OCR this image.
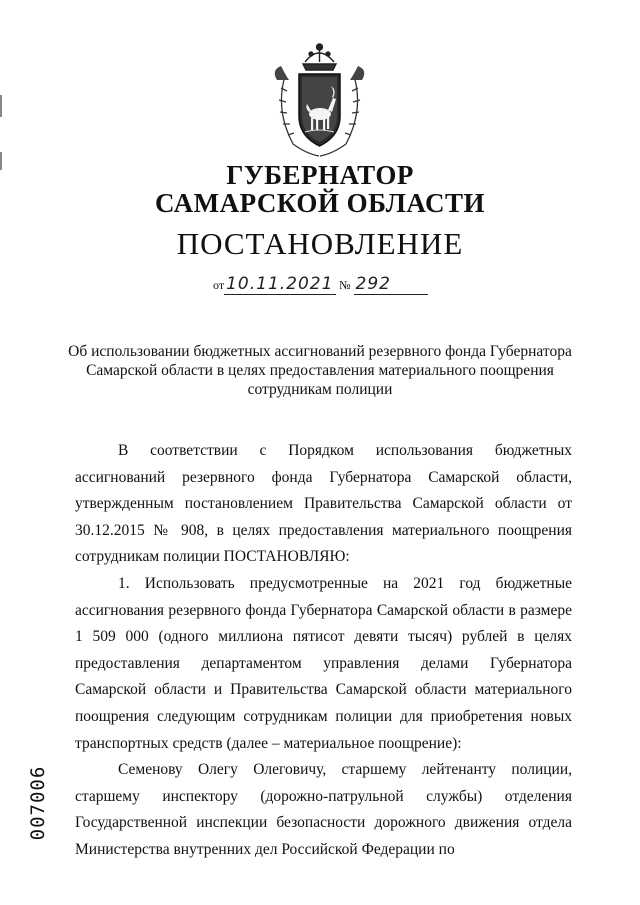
ГУБЕРНАТОР
САМАРСКОЙ ОБЛАСТИ
ПОСТАНОВЛЕНИЕ
от 10.11.2021 № 292
Об использовании бюджетных ассигнований резервного фонда Губернатора Самарской области в целях предоставления материального поощрения сотрудникам полиции

В соответствии с Порядком использования бюджетных ассигнований резервного фонда Губернатора Самарской области, утвержденным постановлением Правительства Самарской области от 30.12.2015 № 908, в целях предоставления материального поощрения сотрудникам полиции ПОСТАНОВЛЯЮ:

1. Использовать предусмотренные на 2021 год бюджетные ассигнования резервного фонда Губернатора Самарской области в размере 1 509 000 (одного миллиона пятисот девяти тысяч) рублей в целях предоставления департаментом управления делами Губернатора Самарской области и Правительства Самарской области материального поощрения следующим сотрудникам полиции для приобретения новых транспортных средств (далее – материальное поощрение):

Семенову Олегу Олеговичу, старшему лейтенанту полиции, старшему инспектору (дорожно-патрульной службы) отделения Государственной инспекции безопасности дорожного движения отдела Министерства внутренних дел Российской Федерации по

007006
